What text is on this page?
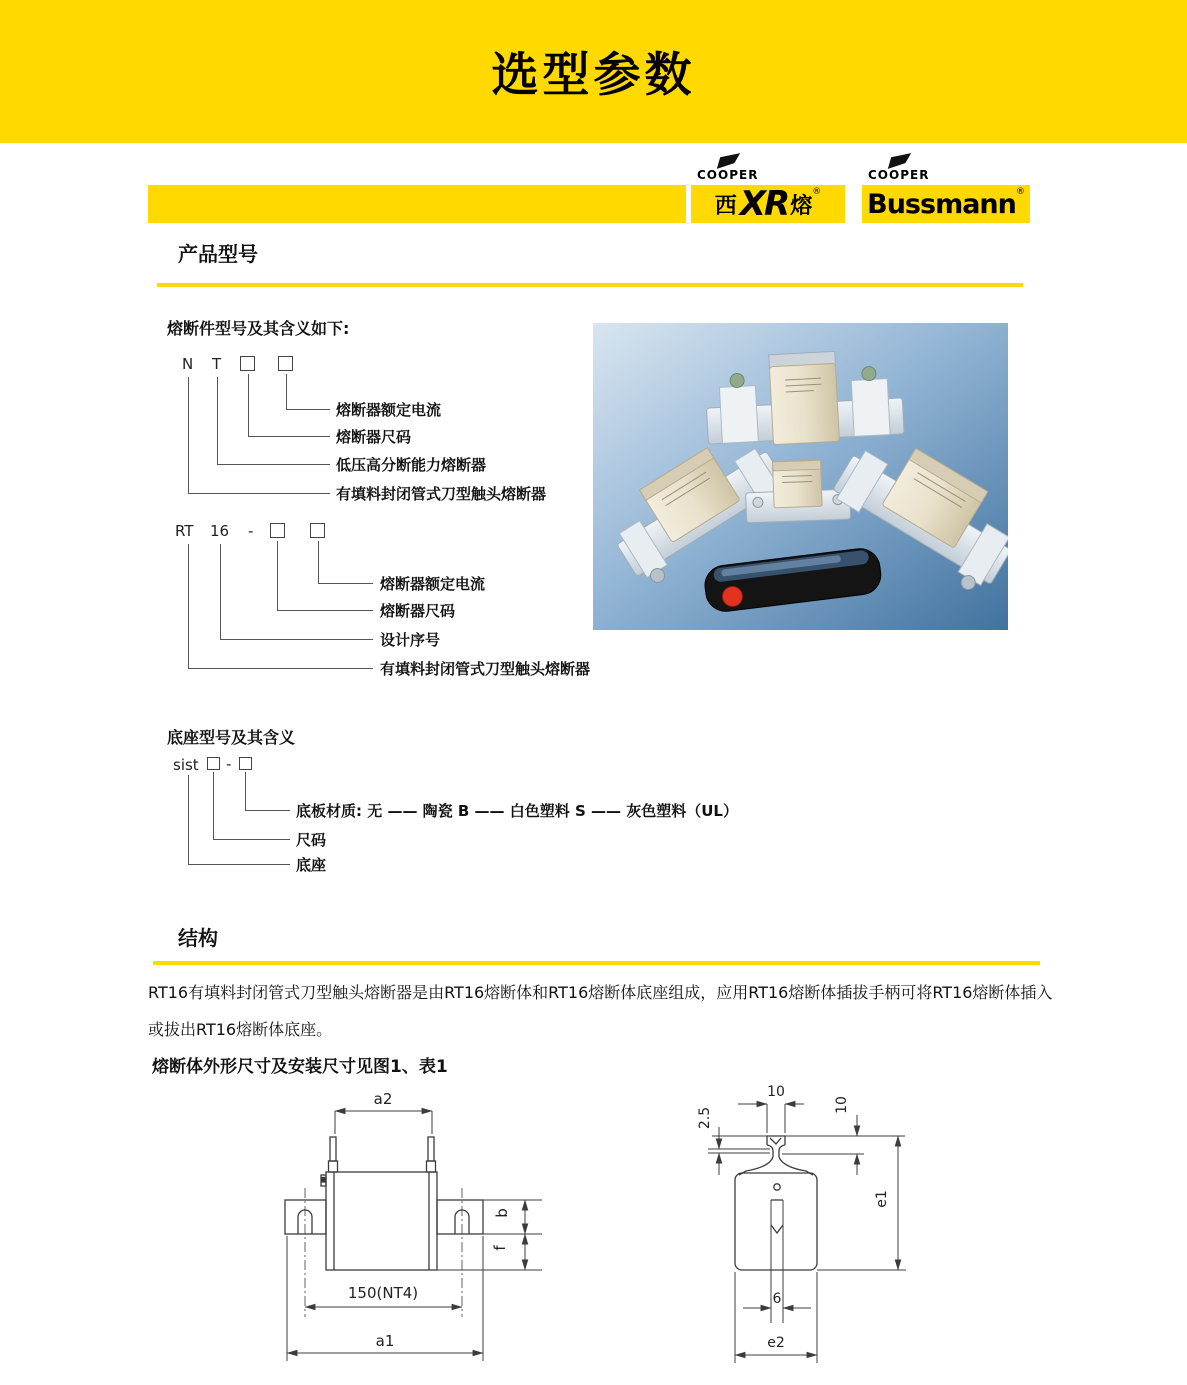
选型参数
COOPER
西 XR 熔
®
COOPER
Bussmann ®
产品型号
熔断件型号及其含义如下:
N T
熔断器额定电流
熔断器尺码
低压高分断能力熔断器
有填料封闭管式刀型触头熔断器
RT 16 -
熔断器额定电流
熔断器尺码
设计序号
有填料封闭管式刀型触头熔断器
底座型号及其含义
sist -
底板材质: 无 —— 陶瓷 B —— 白色塑料 S —— 灰色塑料（UL）
尺码
底座
结构
RT16有填料封闭管式刀型触头熔断器是由RT16熔断体和RT16熔断体底座组成，应用RT16熔断体插拔手柄可将RT16熔断体插入或拔出RT16熔断体底座。
熔断体外形尺寸及安装尺寸见图1、表1
a2
b
f
150(NT4)
a1
10
2.5
10
e1
6
e2
